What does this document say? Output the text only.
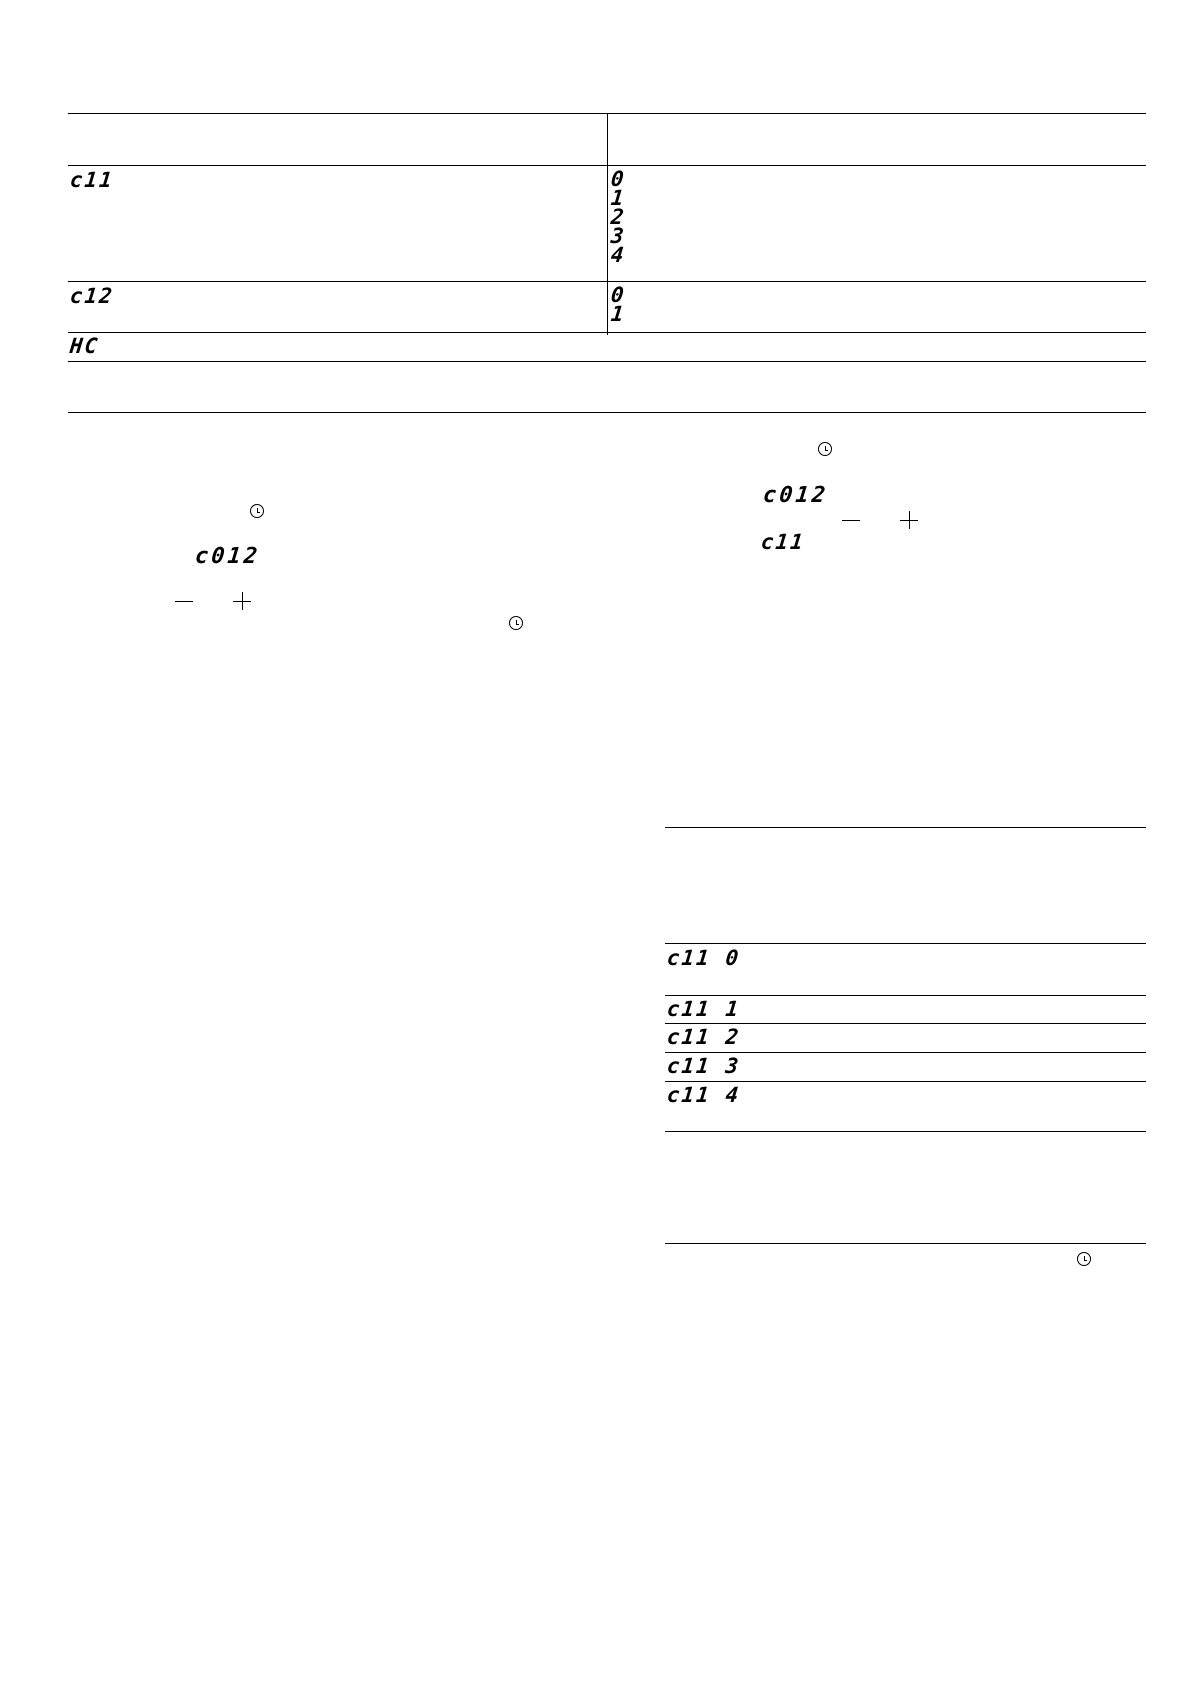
c11	0
1
2
3
4
c12	0
1
HC
c012
c012
c11
c11 0
c11 1
c11 2
c11 3
c11 4
